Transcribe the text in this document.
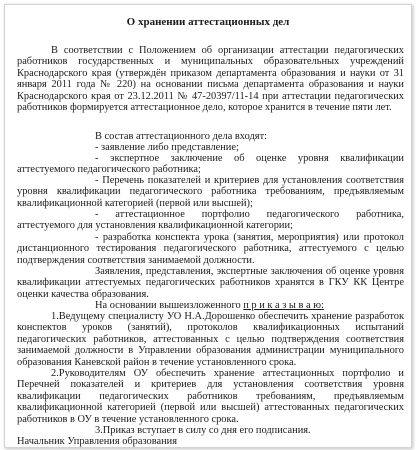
О хранении аттестационных дел

В соответствии с Положением об организации аттестации педагогических работников государственных и муниципальных образовательных учреждений Краснодарского края (утверждён приказом департамента образования и науки от 31 января 2011 года № 220) на основании письма департамента образования и науки Краснодарского края от 23.12.2011 № 47-20397/11-14 при аттестации педагогических работников формируется аттестационное дело, которое хранится в течение пяти лет.

В состав аттестационного дела входят:

- заявление либо представление;

- экспертное заключение об оценке уровня квалификации аттестуемого педагогического работника;

- Перечень показателей и критериев для установления соответствия уровня квалификации педагогического работника требованиям, предъявляемым квалификационной категорией (первой или высшей);

- аттестационное портфолио педагогического работника, аттестуемого для установления квалификационной категории;

- разработка конспекта урока (занятия, мероприятия) или протокол дистанционного тестирования педагогического работника, аттестуемого с целью подтверждения соответствия занимаемой должности.

Заявления, представления, экспертные заключения об оценке уровня квалификации аттестуемых педагогических работников хранятся в ГКУ КК Центре оценки качества образования.

На основании вышеизложенного п р и к а з ы в а ю:

1.Ведущему специалисту УО Н.А.Дорошенко обеспечить хранение разработок конспектов уроков (занятий), протоколов квалификационных испытаний педагогических работников, аттестованных с целью подтверждения соответствия занимаемой должности в Управлении образования администрации муниципального образования Каневской район в течение установленного срока.

2.Руководителям ОУ обеспечить хранение аттестационных портфолио и Перечней показателей и критериев для установления соответствия уровня квалификации педагогических работников требованиям, предъявляемым квалификационной категорией (первой или высшей) аттестованных педагогических работников в ОУ в течение установленного срока.

3.Приказ вступает в силу со дня его подписания.

Начальник Управления образования
